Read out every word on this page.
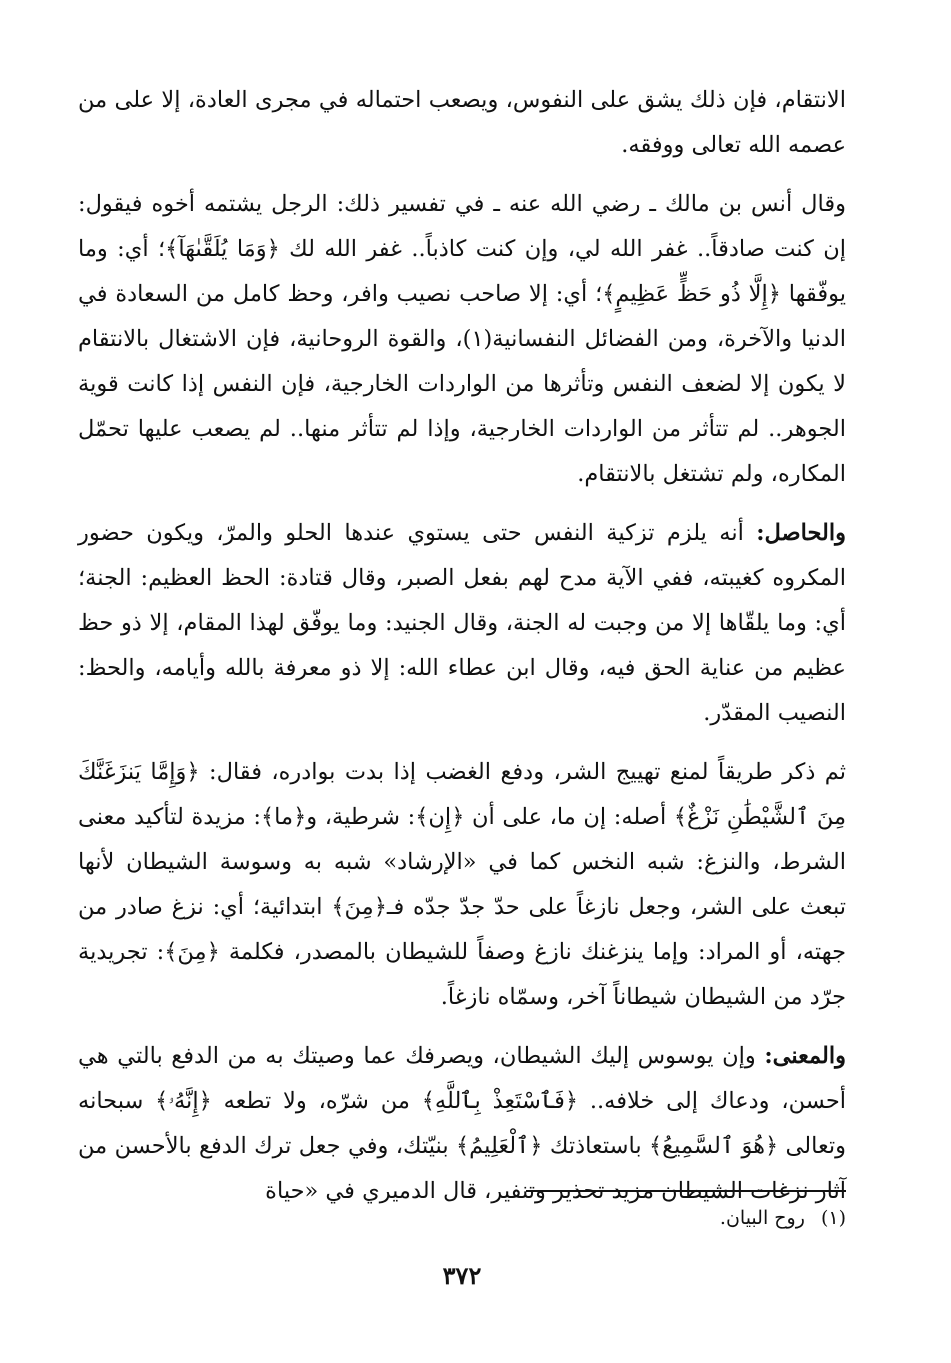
الانتقام، فإن ذلك يشق على النفوس، ويصعب احتماله في مجرى العادة، إلا على من عصمه الله تعالى ووفقه.

وقال أنس بن مالك ـ رضي الله عنه ـ في تفسير ذلك: الرجل يشتمه أخوه فيقول: إن كنت صادقاً.. غفر الله لي، وإن كنت كاذباً.. غفر الله لك ﴿وَمَا يُلَقَّىٰهَآ﴾؛ أي: وما يوفّقها ﴿إِلَّا ذُو حَظٍّ عَظِيمٍ﴾؛ أي: إلا صاحب نصيب وافر، وحظ كامل من السعادة في الدنيا والآخرة، ومن الفضائل النفسانية(١)، والقوة الروحانية، فإن الاشتغال بالانتقام لا يكون إلا لضعف النفس وتأثرها من الواردات الخارجية، فإن النفس إذا كانت قوية الجوهر.. لم تتأثر من الواردات الخارجية، وإذا لم تتأثر منها.. لم يصعب عليها تحمّل المكاره، ولم تشتغل بالانتقام.

والحاصل: أنه يلزم تزكية النفس حتى يستوي عندها الحلو والمرّ، ويكون حضور المكروه كغيبته، ففي الآية مدح لهم بفعل الصبر، وقال قتادة: الحظ العظيم: الجنة؛ أي: وما يلقّاها إلا من وجبت له الجنة، وقال الجنيد: وما يوفّق لهذا المقام، إلا ذو حظ عظيم من عناية الحق فيه، وقال ابن عطاء الله: إلا ذو معرفة بالله وأيامه، والحظ: النصيب المقدّر.

ثم ذكر طريقاً لمنع تهييج الشر، ودفع الغضب إذا بدت بوادره، فقال: ﴿وَإِمَّا يَنزَغَنَّكَ مِنَ ٱلشَّيْطَٰنِ نَزْغٌ﴾ أصله: إن ما، على أن ﴿إِن﴾: شرطية، و﴿ما﴾: مزيدة لتأكيد معنى الشرط، والنزغ: شبه النخس كما في «الإرشاد» شبه به وسوسة الشيطان لأنها تبعث على الشر، وجعل نازغاً على حدّ جدّ جدّه فـ﴿مِنَ﴾ ابتدائية؛ أي: نزغ صادر من جهته، أو المراد: وإما ينزغنك نازغ وصفاً للشيطان بالمصدر، فكلمة ﴿مِنَ﴾: تجريدية جرّد من الشيطان شيطاناً آخر، وسمّاه نازغاً.

والمعنى: وإن يوسوس إليك الشيطان، ويصرفك عما وصيتك به من الدفع بالتي هي أحسن، ودعاك إلى خلافه.. ﴿فَٱسْتَعِذْ بِٱللَّهِ﴾ من شرّه، ولا تطعه ﴿إِنَّهُۥ﴾ سبحانه وتعالى ﴿هُوَ ٱلسَّمِيعُ﴾ باستعاذتك ﴿ٱلْعَلِيمُ﴾ بنيّتك، وفي جعل ترك الدفع بالأحسن من آثار نزغات الشيطان مزيد تحذير وتنفير، قال الدميري في «حياة

(١) روح البيان.
٣٧٢
